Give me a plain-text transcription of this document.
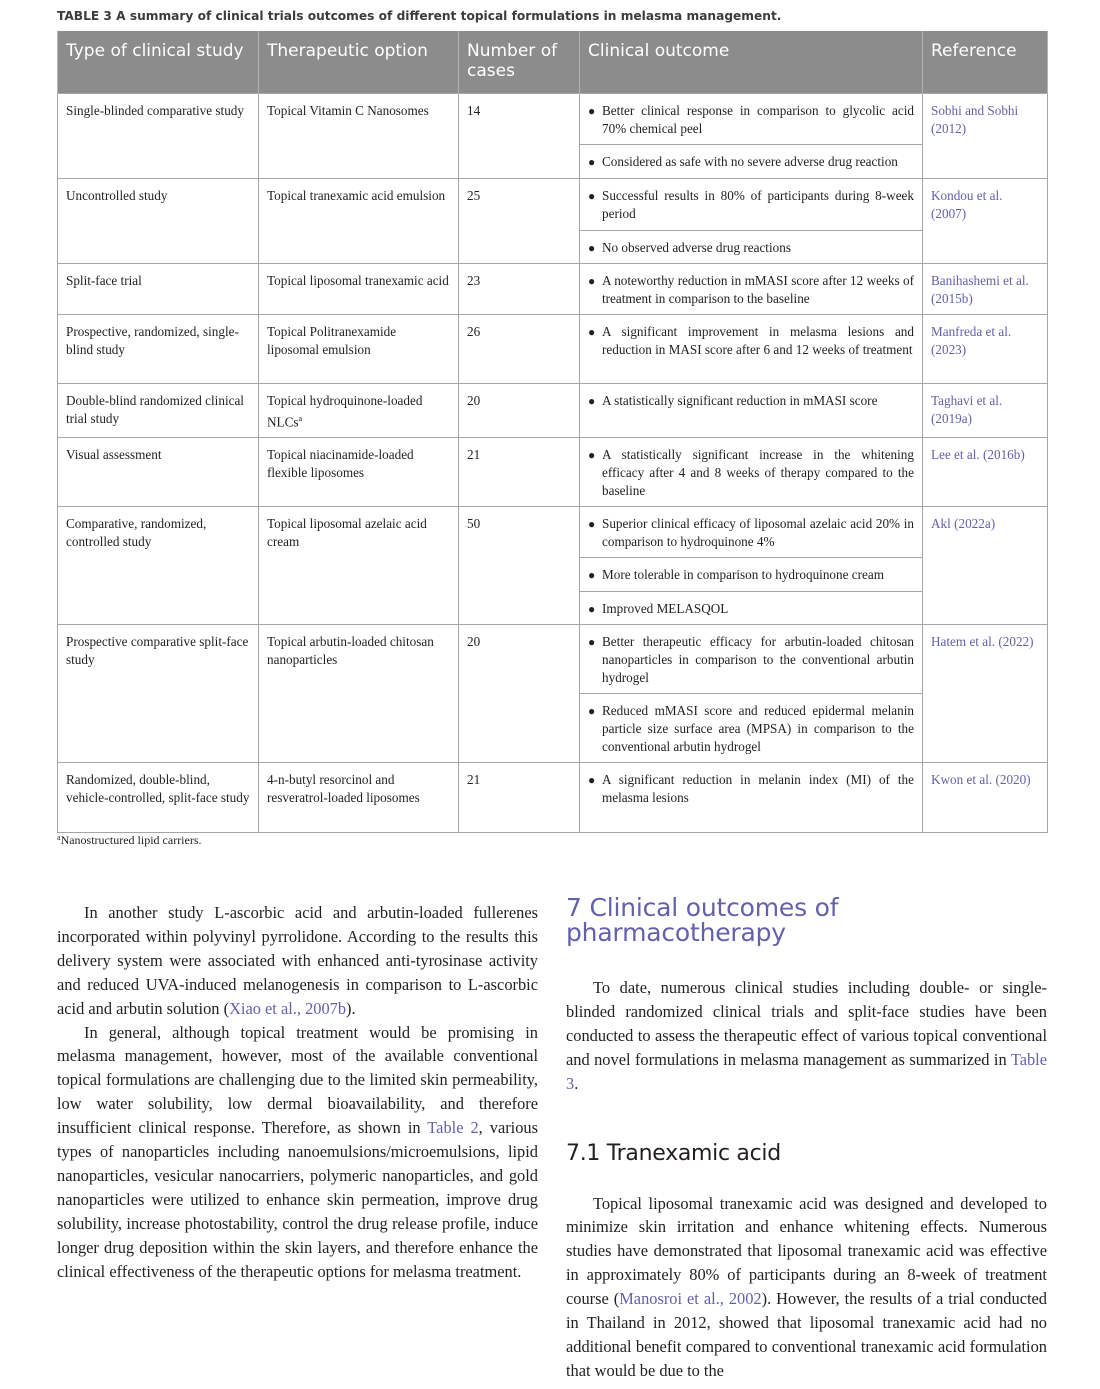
TABLE 3 A summary of clinical trials outcomes of different topical formulations in melasma management.
Type of clinical study	Therapeutic option	Number of cases	Clinical outcome	Reference
Single-blinded comparative study	Topical Vitamin C Nanosomes	14	● Better clinical response in comparison to glycolic acid 70% chemical peel	Sobhi and Sobhi (2012)

			● Considered as safe with no severe adverse drug reaction	

Uncontrolled study	Topical tranexamic acid emulsion	25	● Successful results in 80% of participants during 8-week period	Kondou et al. (2007)

			● No observed adverse drug reactions	

Split-face trial	Topical liposomal tranexamic acid	23	● A noteworthy reduction in mMASI score after 12 weeks of treatment in comparison to the baseline	Banihashemi et al. (2015b)
Prospective, randomized, single-blind study	Topical Politranexamide liposomal emulsion	26	● A significant improvement in melasma lesions and reduction in MASI score after 6 and 12 weeks of treatment	Manfreda et al. (2023)
Double-blind randomized clinical trial study	Topical hydroquinone-loaded NLCs$^a$	20	● A statistically significant reduction in mMASI score	Taghavi et al. (2019a)
Visual assessment	Topical niacinamide-loaded flexible liposomes	21	● A statistically significant increase in the whitening efficacy after 4 and 8 weeks of therapy compared to the baseline	Lee et al. (2016b)
Comparative, randomized, controlled study	Topical liposomal azelaic acid cream	50	● Superior clinical efficacy of liposomal azelaic acid 20% in comparison to hydroquinone 4%	Akl (2022a)

			● More tolerable in comparison to hydroquinone cream	

			● Improved MELASQOL	

Prospective comparative split-face study	Topical arbutin-loaded chitosan nanoparticles	20	● Better therapeutic efficacy for arbutin-loaded chitosan nanoparticles in comparison to the conventional arbutin hydrogel	Hatem et al. (2022)

			● Reduced mMASI score and reduced epidermal melanin particle size surface area (MPSA) in comparison to the conventional arbutin hydrogel	

Randomized, double-blind, vehicle-controlled, split-face study	4-n-butyl resorcinol and resveratrol-loaded liposomes	21	● A significant reduction in melanin index (MI) of the melasma lesions	Kwon et al. (2020)
$^a$Nanostructured lipid carriers.

In another study L-ascorbic acid and arbutin-loaded fullerenes incorporated within polyvinyl pyrrolidone. According to the results this delivery system were associated with enhanced anti-tyrosinase activity and reduced UVA-induced melanogenesis in comparison to L-ascorbic acid and arbutin solution (Xiao et al., 2007b).

In general, although topical treatment would be promising in melasma management, however, most of the available conventional topical formulations are challenging due to the limited skin permeability, low water solubility, low dermal bioavailability, and therefore insufficient clinical response. Therefore, as shown in Table 2, various types of nanoparticles including nanoemulsions/microemulsions, lipid nanoparticles, vesicular nanocarriers, polymeric nanoparticles, and gold nanoparticles were utilized to enhance skin permeation, improve drug solubility, increase photostability, control the drug release profile, induce longer drug deposition within the skin layers, and therefore enhance the clinical effectiveness of the therapeutic options for melasma treatment.

7 Clinical outcomes of pharmacotherapy

To date, numerous clinical studies including double- or single-blinded randomized clinical trials and split-face studies have been conducted to assess the therapeutic effect of various topical conventional and novel formulations in melasma management as summarized in Table 3.

7.1 Tranexamic acid

Topical liposomal tranexamic acid was designed and developed to minimize skin irritation and enhance whitening effects. Numerous studies have demonstrated that liposomal tranexamic acid was effective in approximately 80% of participants during an 8-week of treatment course (Manosroi et al., 2002). However, the results of a trial conducted in Thailand in 2012, showed that liposomal tranexamic acid had no additional benefit compared to conventional tranexamic acid formulation that would be due to the
